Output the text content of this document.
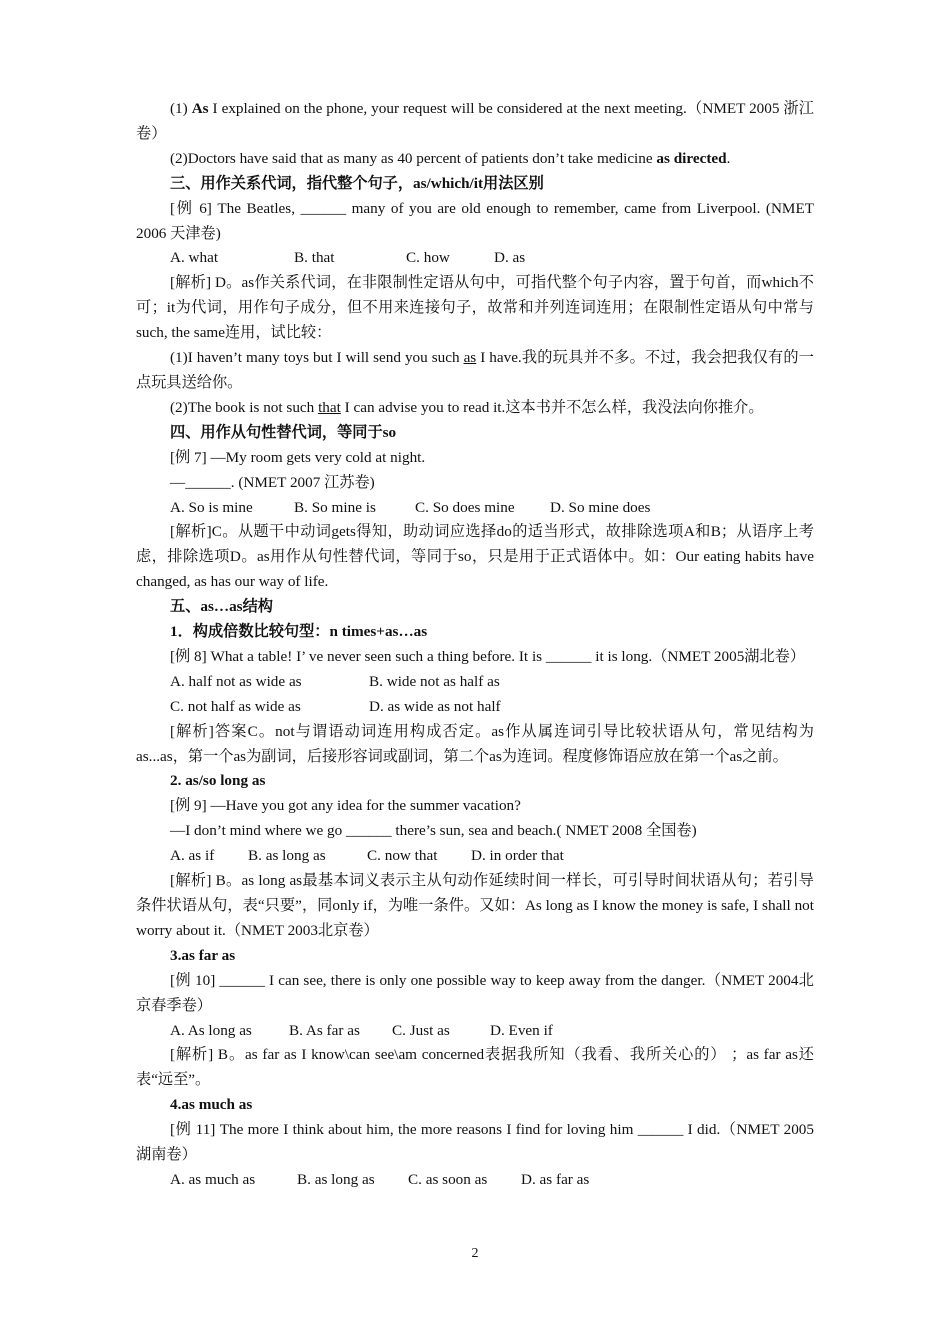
(1) As I explained on the phone, your request will be considered at the next meeting.（NMET 2005 浙江卷）

(2)Doctors have said that as many as 40 percent of patients don’t take medicine as directed.

三、用作关系代词，指代整个句子，as/which/it用法区别

[例 6] The Beatles, ______ many of you are old enough to remember, came from Liverpool. (NMET 2006 天津卷)

A. what	B. that	C. how	D. as

[解析] D。as作关系代词，在非限制性定语从句中，可指代整个句子内容，置于句首，而which不可；it为代词，用作句子成分，但不用来连接句子，故常和并列连词连用；在限制性定语从句中常与such, the same连用，试比较：

(1)I haven’t many toys but I will send you such as I have.我的玩具并不多。不过，我会把我仅有的一点玩具送给你。

(2)The book is not such that I can advise you to read it.这本书并不怎么样，我没法向你推介。

四、用作从句性替代词，等同于so

[例 7] —My room gets very cold at night.

—______. (NMET 2007 江苏卷)

A. So is mine	B. So mine is	C. So does mine D. So mine does

[解析]C。从题干中动词gets得知，助动词应选择do的适当形式，故排除选项A和B；从语序上考虑，排除选项D。as用作从句性替代词，等同于so，只是用于正式语体中。如：Our eating habits have changed, as has our way of life.

五、as…as结构

1．构成倍数比较句型：n times+as…as

[例 8] What a table! I’ ve never seen such a thing before. It is ______ it is long.（NMET 2005湖北卷）

A. half not as wide as	B. wide not as half as

C. not half as wide as	D. as wide as not half

[解析]答案C。not与谓语动词连用构成否定。as作从属连词引导比较状语从句，常见结构为as...as，第一个as为副词，后接形容词或副词，第二个as为连词。程度修饰语应放在第一个as之前。

2. as/so long as

[例 9] —Have you got any idea for the summer vacation?

—I don’t mind where we go ______ there’s sun, sea and beach.( NMET 2008 全国卷)

A. as if B. as long as	C. now that D. in order that

[解析] B。as long as最基本词义表示主从句动作延续时间一样长，可引导时间状语从句；若引导条件状语从句，表“只要”，同only if，为唯一条件。又如：As long as I know the money is safe, I shall not worry about it.（NMET 2003北京卷）

3.as far as

[例 10] ______ I can see, there is only one possible way to keep away from the danger.（NMET 2004北京春季卷）

A. As long as B. As far as C. Just as	D. Even if

[解析] B。as far as I know\can see\am concerned表据我所知（我看、我所关心的） ；as far as还表“远至”。

4.as much as

[例 11] The more I think about him, the more reasons I find for loving him ______ I did.（NMET 2005湖南卷）

A. as much as	B. as long as C. as soon as D. as far as

2
